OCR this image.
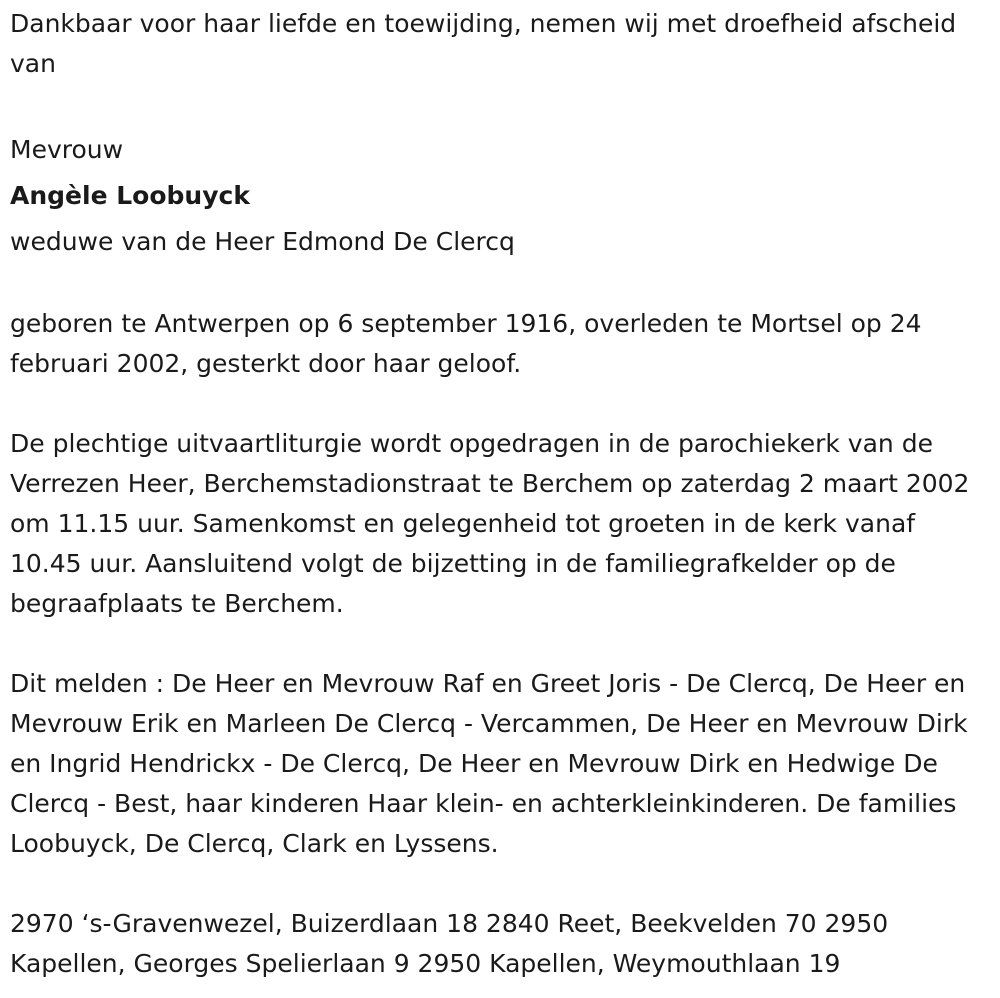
Dankbaar voor haar liefde en toewijding, nemen wij met droefheid afscheid van

Mevrouw

Angèle Loobuyck

weduwe van de Heer Edmond De Clercq

geboren te Antwerpen op 6 september 1916, overleden te Mortsel op 24 februari 2002, gesterkt door haar geloof.

De plechtige uitvaartliturgie wordt opgedragen in de parochiekerk van de Verrezen Heer, Berchemstadionstraat te Berchem op zaterdag 2 maart 2002 om 11.15 uur. Samenkomst en gelegenheid tot groeten in de kerk vanaf 10.45 uur. Aansluitend volgt de bijzetting in de familiegrafkelder op de begraafplaats te Berchem.

Dit melden : De Heer en Mevrouw Raf en Greet Joris - De Clercq, De Heer en Mevrouw Erik en Marleen De Clercq - Vercammen, De Heer en Mevrouw Dirk en Ingrid Hendrickx - De Clercq, De Heer en Mevrouw Dirk en Hedwige De Clercq - Best, haar kinderen Haar klein- en achterkleinkinderen. De families Loobuyck, De Clercq, Clark en Lyssens.

2970 ‘s-Gravenwezel, Buizerdlaan 18 2840 Reet, Beekvelden 70 2950 Kapellen, Georges Spelierlaan 9 2950 Kapellen, Weymouthlaan 19
